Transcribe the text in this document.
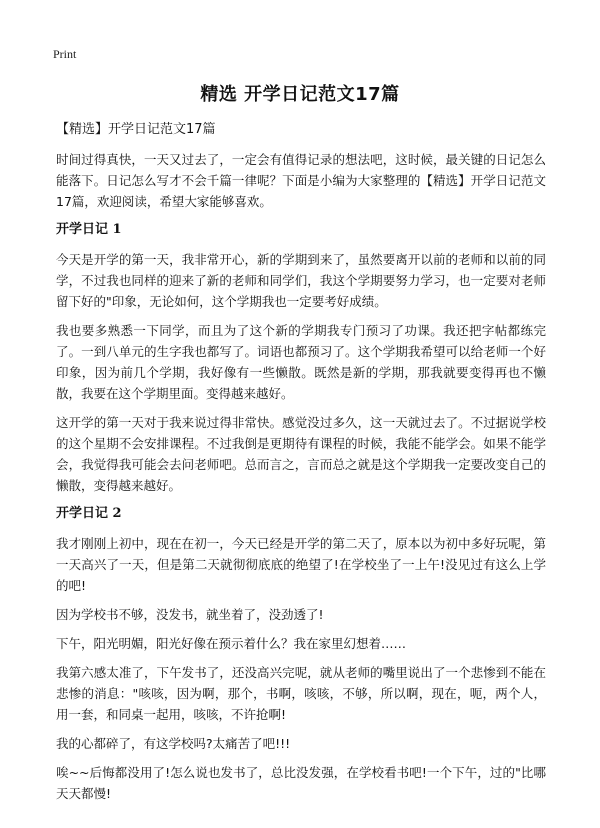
Print
精选 开学日记范文17篇

【精选】开学日记范文17篇

时间过得真快，一天又过去了，一定会有值得记录的想法吧，这时候，最关键的日记怎么能落下。日记怎么写才不会千篇一律呢？下面是小编为大家整理的【精选】开学日记范文17篇，欢迎阅读，希望大家能够喜欢。

开学日记 1

今天是开学的第一天，我非常开心，新的学期到来了，虽然要离开以前的老师和以前的同学，不过我也同样的迎来了新的老师和同学们，我这个学期要努力学习，也一定要对老师留下好的"印象，无论如何，这个学期我也一定要考好成绩。

我也要多熟悉一下同学，而且为了这个新的学期我专门预习了功课。我还把字帖都练完了。一到八单元的生字我也都写了。词语也都预习了。这个学期我希望可以给老师一个好印象，因为前几个学期，我好像有一些懒散。既然是新的学期，那我就要变得再也不懒散，我要在这个学期里面。变得越来越好。

这开学的第一天对于我来说过得非常快。感觉没过多久，这一天就过去了。不过据说学校的这个星期不会安排课程。不过我倒是更期待有课程的时候，我能不能学会。如果不能学会，我觉得我可能会去问老师吧。总而言之，言而总之就是这个学期我一定要改变自己的懒散，变得越来越好。

开学日记 2

我才刚刚上初中，现在在初一，今天已经是开学的第二天了，原本以为初中多好玩呢，第一天高兴了一天，但是第二天就彻彻底底的绝望了!在学校坐了一上午!没见过有这么上学的吧!

因为学校书不够，没发书，就坐着了，没劲透了!

下午，阳光明媚，阳光好像在预示着什么？我在家里幻想着……

我第六感太准了，下午发书了，还没高兴完呢，就从老师的嘴里说出了一个悲惨到不能在悲惨的消息："咳咳，因为啊，那个，书啊，咳咳，不够，所以啊，现在，呃，两个人，用一套，和同桌一起用，咳咳，不许抢啊!

我的心都碎了，有这学校吗?太痛苦了吧!!!

唉~~后悔都没用了!怎么说也发书了，总比没发强，在学校看书吧!一个下午，过的"比哪天天都慢!
